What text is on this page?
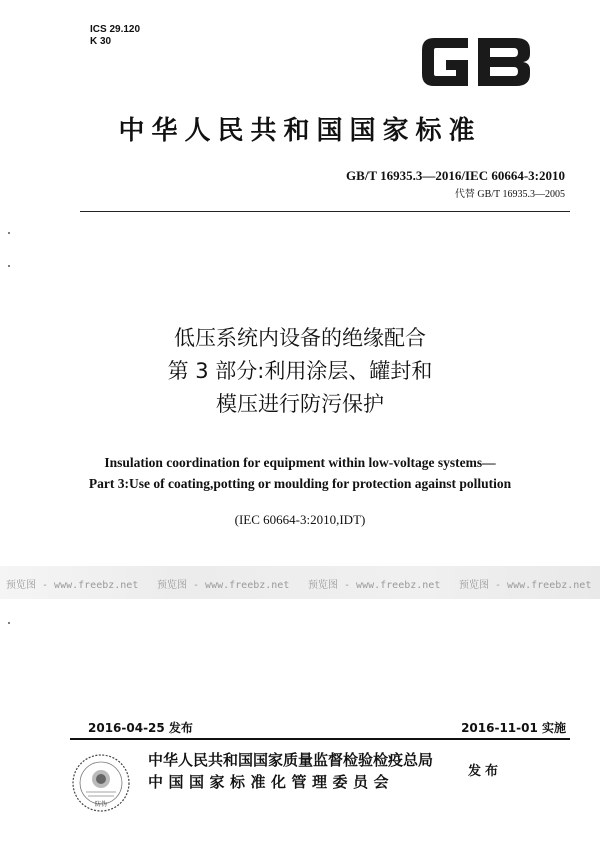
ICS 29.120
K 30
中华人民共和国国家标准
GB/T 16935.3—2016/IEC 60664-3:2010
代替 GB/T 16935.3—2005
低压系统内设备的绝缘配合
第 3 部分:利用涂层、罐封和
模压进行防污保护
Insulation coordination for equipment within low-voltage systems—
Part 3:Use of coating,potting or moulding for protection against pollution
(IEC 60664-3:2010,IDT)
预览图 - www.freebz.net 预览图 - www.freebz.net 预览图 - www.freebz.net 预览图 - www.freebz.net
2016-04-25 发布	2016-11-01 实施
防伪
中华人民共和国国家质量监督检验检疫总局
中国国家标准化管理委员会
发布
